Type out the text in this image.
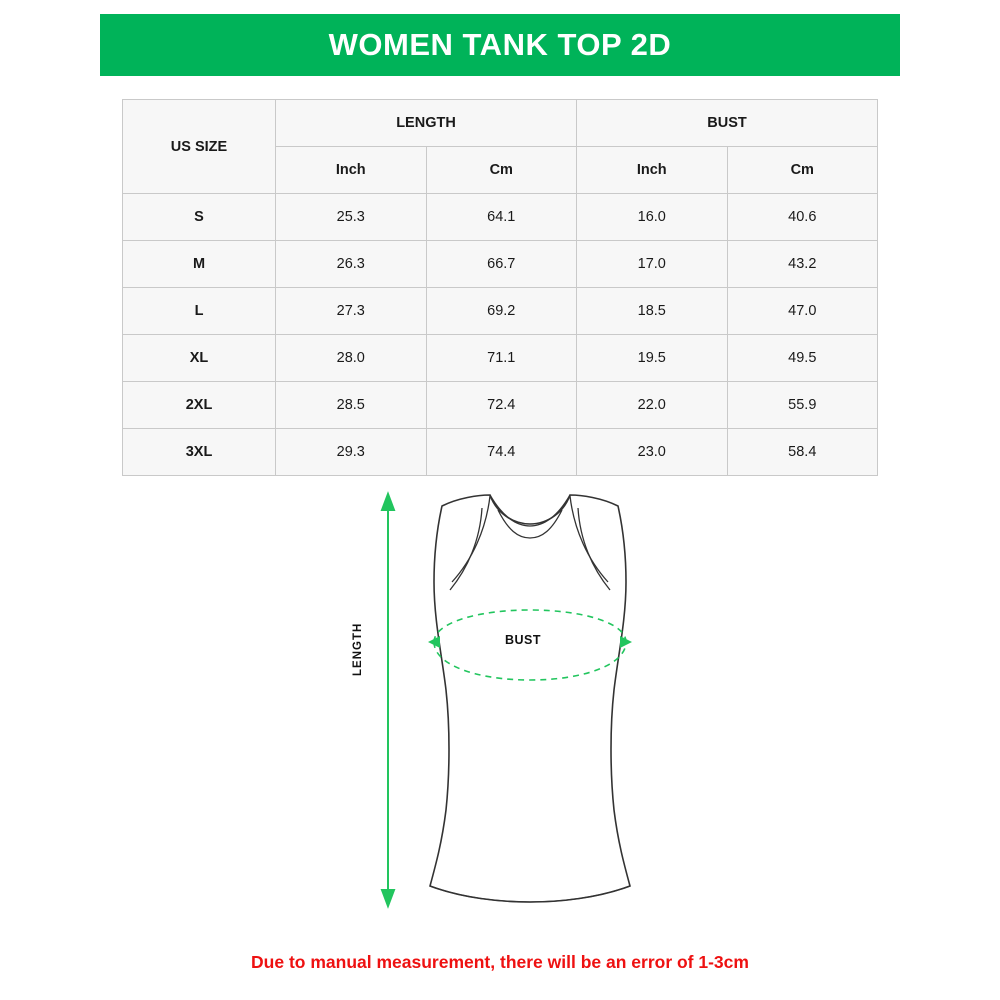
WOMEN TANK TOP 2D
US SIZE	LENGTH		BUST	
	Inch	Cm	Inch	Cm
S	25.3	64.1	16.0	40.6
M	26.3	66.7	17.0	43.2
L	27.3	69.2	18.5	47.0
XL	28.0	71.1	19.5	49.5
2XL	28.5	72.4	22.0	55.9
3XL	29.3	74.4	23.0	58.4
BUST
LENGTH
Due to manual measurement, there will be an error of 1-3cm
